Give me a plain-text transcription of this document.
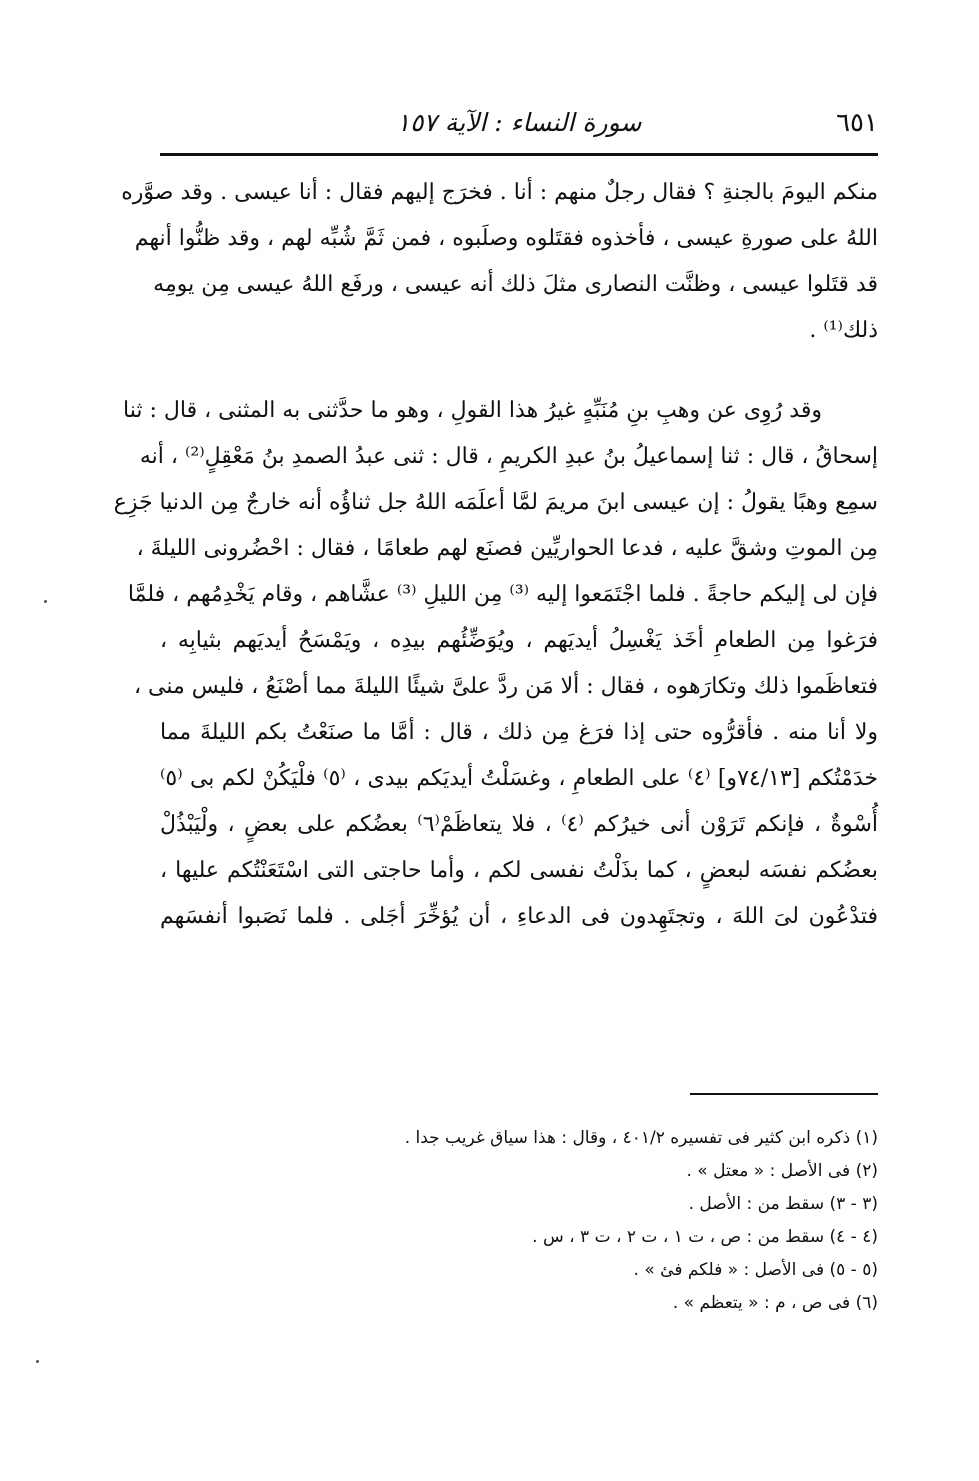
٦٥١
سورة النساء : الآية ١٥٧
منكم اليومَ بالجنةِ ؟ فقال رجلٌ منهم : أنا . فخرَج إليهم فقال : أنا عيسى . وقد صوَّره
اللهُ على صورةِ عيسى ، فأخذوه فقتَلوه وصلَبوه ، فمن ثَمَّ شُبِّه لهم ، وقد ظنُّوا أنهم
قد قتَلوا عيسى ، وظنَّت النصارى مثلَ ذلك أنه عيسى ، ورفَع اللهُ عيسى مِن يومِه
ذلك⁽¹⁾ .
وقد رُوِى عن وهبِ بنِ مُنَبِّهٍ غيرُ هذا القولِ ، وهو ما حدَّثنى به المثنى ، قال : ثنا
إسحاقُ ، قال : ثنا إسماعيلُ بنُ عبدِ الكريمِ ، قال : ثنى عبدُ الصمدِ بنُ مَعْقِلٍ⁽²⁾ ، أنه
سمِع وهبًا يقولُ : إن عيسى ابنَ مريمَ لمَّا أعلَمَه اللهُ جل ثناؤُه أنه خارجٌ مِن الدنيا جَزِع
مِن الموتِ وشقَّ عليه ، فدعا الحواريِّين فصنَع لهم طعامًا ، فقال : احْضُرونى الليلةَ ،
فإن لى إليكم حاجةً . فلما اجْتَمَعوا إليه ⁽³⁾ مِن الليلِ ⁽³⁾ عشَّاهم ، وقام يَخْدِمُهم ، فلمَّا
فرَغوا مِن الطعامِ أخَذ يَغْسِلُ أيديَهم ، ويُوَضِّئُهم بيدِه ، ويَمْسَحُ أيديَهم بثيابِه ،
فتعاظَموا ذلك وتكارَهوه ، فقال : ألا مَن ردَّ علىَّ شيئًا الليلةَ مما أصْنَعُ ، فليس منى ،
ولا أنا منه . فأقرُّوه حتى إذا فرَغ مِن ذلك ، قال : أمَّا ما صنَعْتُ بكم الليلةَ مما
خدَمْتُكم [٧٤/١٣و] ⁽٤⁾ على الطعامِ ، وغسَلْتُ أيديَكم بيدى ، ⁽٥⁾ فلْيَكُنْ لكم بى ⁽٥⁾
أُسْوةٌ ، فإنكم تَرَوْن أنى خيرُكم ⁽٤⁾ ، فلا يتعاظَمْ⁽٦⁾ بعضُكم على بعضٍ ، ولْيَبْذُلْ
بعضُكم نفسَه لبعضٍ ، كما بذَلْتُ نفسى لكم ، وأما حاجتى التى اسْتَعَنْتُكم عليها ،
فتدْعُون لىَ اللهَ ، وتجتَهِدون فى الدعاءِ ، أن يُؤخِّرَ أجَلى . فلما نَصَبوا أنفسَهم
(١) ذكره ابن كثير فى تفسيره ٤٠١/٢ ، وقال : هذا سياق غريب جدا .
(٢) فى الأصل : « معتل » .
(٣ - ٣) سقط من : الأصل .
(٤ - ٤) سقط من : ص ، ت ١ ، ت ٢ ، ت ٣ ، س .
(٥ - ٥) فى الأصل : « فلكم فئ » .
(٦) فى ص ، م : « يتعظم » .
